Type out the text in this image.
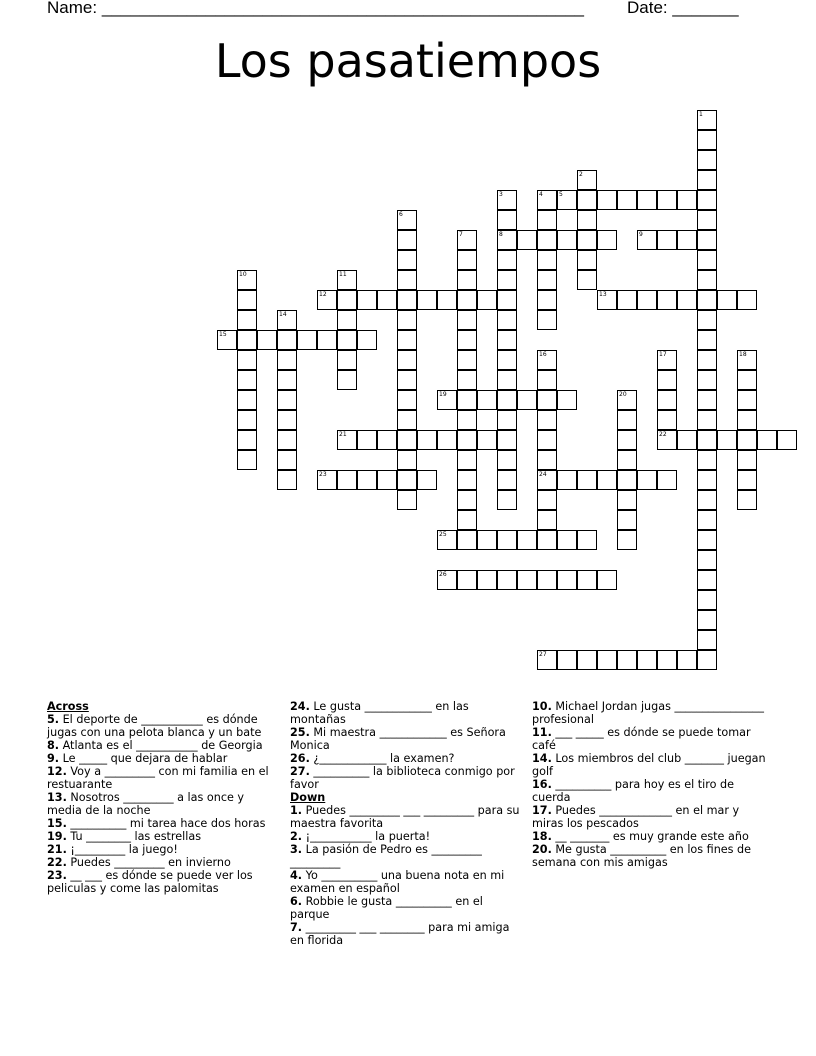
Name: ___________________________________________________	Date: _______
Los pasatiempos
5
8	9
12	13
15
19
21	22
23	24
25
26
27
1
2
3	4
6
7
10	11
14
16	17	18
20
Across
5. El deporte de ___________ es dónde jugas con una pelota blanca y un bate
8. Atlanta es el ___________ de Georgia
9. Le _____ que dejara de hablar
12. Voy a _________ con mi familia en el restuarante
13. Nosotros _________ a las once y media de la noche
15. __________ mi tarea hace dos horas
19. Tu ________ las estrellas
21. ¡_________ la juego!
22. Puedes _________ en invierno
23. __ ___ es dónde se puede ver los peliculas y come las palomitas
24. Le gusta ____________ en las montañas
25. Mi maestra ____________ es Señora Monica
26. ¿____________ la examen?
27. __________ la biblioteca conmigo por favor
Down
1. Puedes _________ ___ _________ para su maestra favorita
2. ¡___________ la puerta!
3. La pasión de Pedro es _________ _________
4. Yo __________ una buena nota en mi examen en español
6. Robbie le gusta __________ en el parque
7. _________ ___ ________ para mi amiga en florida
10. Michael Jordan jugas ________________ profesional
11. ___ _____ es dónde se puede tomar café
14. Los miembros del club _______ juegan golf
16. __________ para hoy es el tiro de cuerda
17. Puedes _____________ en el mar y miras los pescados
18. __ _______ es muy grande este año
20. Me gusta __________ en los fines de semana con mis amigas
